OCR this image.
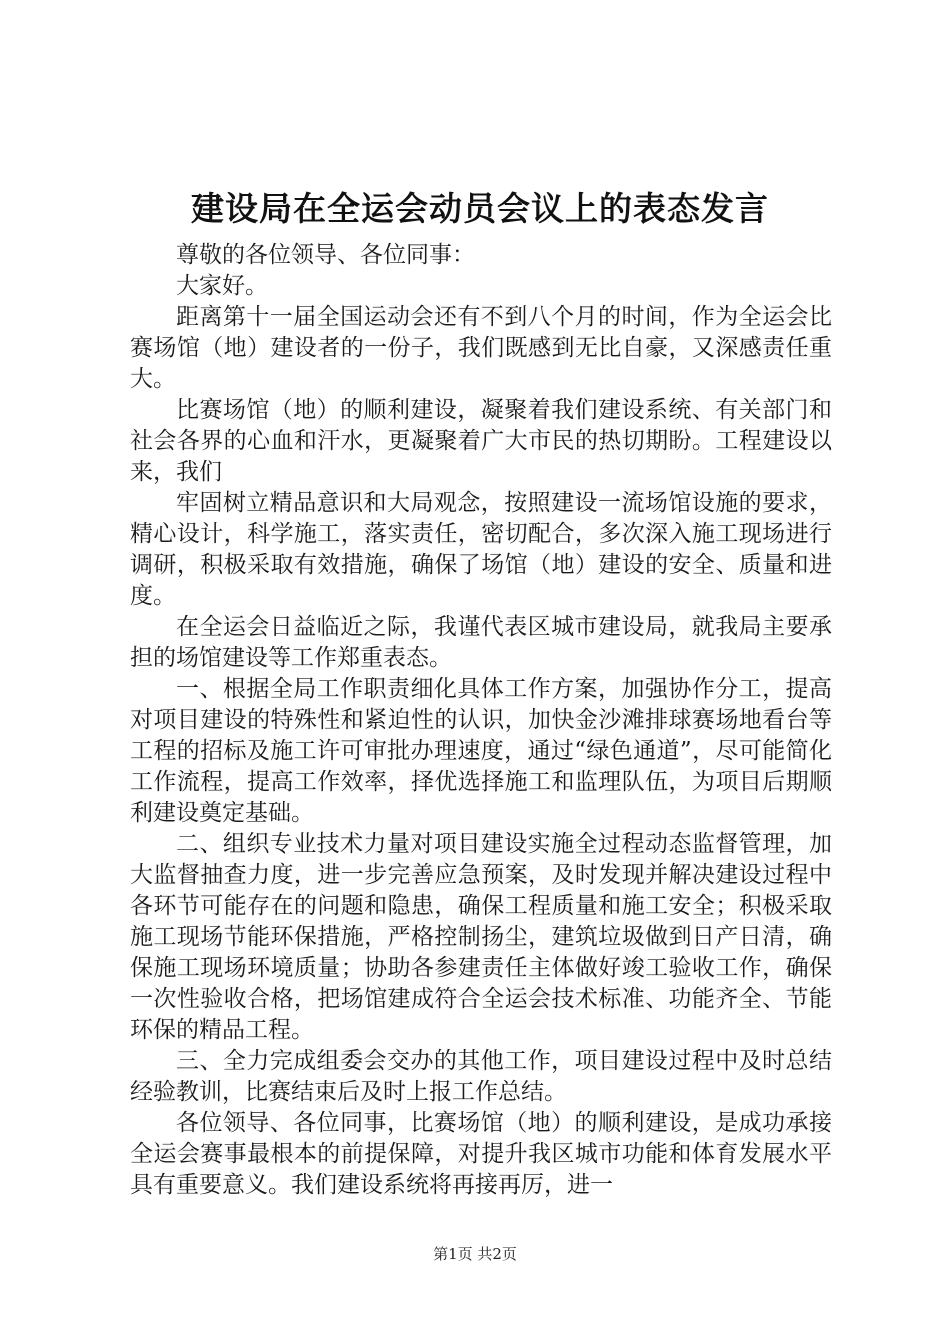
建设局在全运会动员会议上的表态发言

尊敬的各位领导、各位同事：

大家好。

距离第十一届全国运动会还有不到八个月的时间，作为全运会比赛场馆（地）建设者的一份子，我们既感到无比自豪，又深感责任重大。

比赛场馆（地）的顺利建设，凝聚着我们建设系统、有关部门和社会各界的心血和汗水，更凝聚着广大市民的热切期盼。工程建设以来，我们

牢固树立精品意识和大局观念，按照建设一流场馆设施的要求，精心设计，科学施工，落实责任，密切配合，多次深入施工现场进行调研，积极采取有效措施，确保了场馆（地）建设的安全、质量和进度。

在全运会日益临近之际，我谨代表区城市建设局，就我局主要承担的场馆建设等工作郑重表态。

一、根据全局工作职责细化具体工作方案，加强协作分工，提高对项目建设的特殊性和紧迫性的认识，加快金沙滩排球赛场地看台等工程的招标及施工许可审批办理速度，通过“绿色通道”，尽可能简化工作流程，提高工作效率，择优选择施工和监理队伍，为项目后期顺利建设奠定基础。

二、组织专业技术力量对项目建设实施全过程动态监督管理，加大监督抽查力度，进一步完善应急预案，及时发现并解决建设过程中各环节可能存在的问题和隐患，确保工程质量和施工安全；积极采取施工现场节能环保措施，严格控制扬尘，建筑垃圾做到日产日清，确保施工现场环境质量；协助各参建责任主体做好竣工验收工作，确保一次性验收合格，把场馆建成符合全运会技术标准、功能齐全、节能环保的精品工程。

三、全力完成组委会交办的其他工作，项目建设过程中及时总结经验教训，比赛结束后及时上报工作总结。

各位领导、各位同事，比赛场馆（地）的顺利建设，是成功承接全运会赛事最根本的前提保障，对提升我区城市功能和体育发展水平具有重要意义。我们建设系统将再接再厉，进一

第1页 共2页
